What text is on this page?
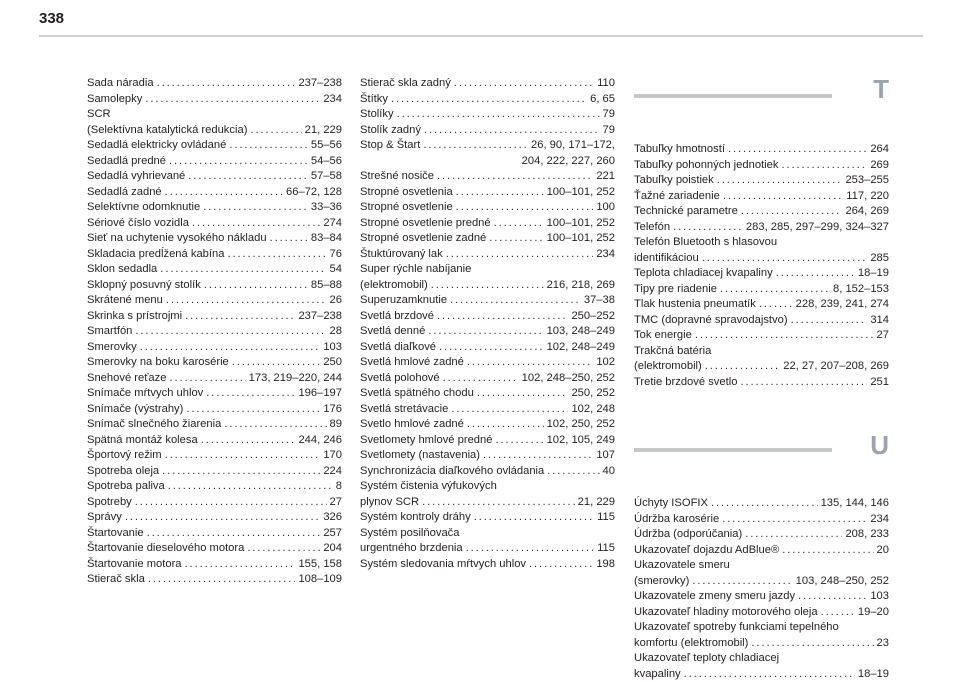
338
Sada náradia . . .	237–238
Samolepky . . .	234
SCR
(Selektívna katalytická redukcia) . . .	21, 229
Sedadlá elektricky ovládané . . .	55–56
Sedadlá predné . . .	54–56
Sedadlá vyhrievané . . .	57–58
Sedadlá zadné . . .	66–72, 128
Selektívne odomknutie . . .	33–36
Sériové číslo vozidla . . .	274
Sieť na uchytenie vysokého nákladu . . .	83–84
Skladacia predĺžená kabína . . .	76
Sklon sedadla . . .	54
Sklopný posuvný stolík . . .	85–88
Skrátené menu . . .	26
Skrinka s prístrojmi . . .	237–238
Smartfón . . .	28
Smerovky . . .	103
Smerovky na boku karosérie . . .	250
Snehové reťaze . . .	173, 219–220, 244
Snímače mŕtvych uhlov . . .	196–197
Snímače (výstrahy) . . .	176
Snímač slnečného žiarenia . . .	89
Spätná montáž kolesa . . .	244, 246
Športový režim . . .	170
Spotreba oleja . . .	224
Spotreba paliva . . .	8
Spotreby . . .	27
Správy . . .	326
Štartovanie . . .	257
Štartovanie dieselového motora . . .	204
Štartovanie motora . . .	155, 158
Stierač skla . . .	108–109
Stierač skla zadný . . .	110
Štítky . . .	6, 65
Stolíky . . .	79
Stolík zadný . . .	79
Stop & Štart . . .	26, 90, 171–172,
204, 222, 227, 260
Strešné nosiče . . .	221
Stropné osvetlenia . . .	100–101, 252
Stropné osvetlenie . . .	100
Stropné osvetlenie predné . . .	100–101, 252
Stropné osvetlenie zadné . . .	100–101, 252
Štuktúrovaný lak . . .	234
Super rýchle nabíjanie
(elektromobil) . . .	216, 218, 269
Superuzamknutie . . .	37–38
Svetlá brzdové . . .	250–252
Svetlá denné . . .	103, 248–249
Svetlá diaľkové . . .	102, 248–249
Svetlá hmlové zadné . . .	102
Svetlá polohové . . .	102, 248–250, 252
Svetlá spätného chodu . . .	250, 252
Svetlá stretávacie . . .	102, 248
Svetlo hmlové zadné . . .	102, 250, 252
Svetlomety hmlové predné . . .	102, 105, 249
Svetlomety (nastavenia) . . .	107
Synchronizácia diaľkového ovládania . . .	40
Systém čistenia výfukových
plynov SCR . . .	21, 229
Systém kontroly dráhy . . .	115
Systém posilňovača
urgentného brzdenia . . .	115
Systém sledovania mŕtvych uhlov . . .	198
T
Tabuľky hmotností . . .	264
Tabuľky pohonných jednotiek . . .	269
Tabuľky poistiek . . .	253–255
Ťažné zariadenie . . .	117, 220
Technické parametre . . .	264, 269
Telefón . . .	283, 285, 297–299, 324–327
Telefón Bluetooth s hlasovou
identifikáciou . . .	285
Teplota chladiacej kvapaliny . . .	18–19
Tipy pre riadenie . . .	8, 152–153
Tlak hustenia pneumatík . . .	228, 239, 241, 274
TMC (dopravné spravodajstvo) . . .	314
Tok energie . . .	27
Trakčná batéria
(elektromobil) . . .	22, 27, 207–208, 269
Tretie brzdové svetlo . . .	251
U
Úchyty ISOFIX . . .	135, 144, 146
Údržba karosérie . . .	234
Údržba (odporúčania) . . .	208, 233
Ukazovateľ dojazdu AdBlue® . . .	20
Ukazovatele smeru
(smerovky) . . .	103, 248–250, 252
Ukazovatele zmeny smeru jazdy . . .	103
Ukazovateľ hladiny motorového oleja . . .	19–20
Ukazovateľ spotreby funkciami tepelného
komfortu (elektromobil) . . .	23
Ukazovateľ teploty chladiacej
kvapaliny . . .	18–19
